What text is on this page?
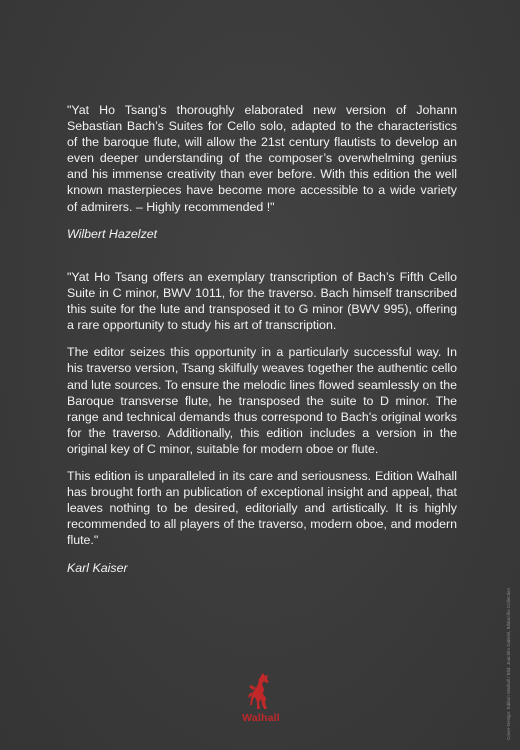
"Yat Ho Tsang’s thoroughly elaborated new version of Johann Sebastian Bach’s Suites for Cello solo, adapted to the characteristics of the baroque flute, will allow the 21st century flautists to develop an even deeper understanding of the composer’s overwhelming genius and his immense creativity than ever before. With this edition the well known masterpieces have become more accessible to a wide variety of admirers. – Highly recommended !"

Wilbert Hazelzet

"Yat Ho Tsang offers an exemplary transcription of Bach’s Fifth Cello Suite in C minor, BWV 1011, for the traverso. Bach himself transcribed this suite for the lute and transposed it to G minor (BWV 995), offering a rare opportunity to study his art of transcription.

The editor seizes this opportunity in a particularly successful way. In his traverso version, Tsang skilfully weaves together the authentic cello and lute sources. To ensure the melodic lines flowed seamlessly on the Baroque transverse flute, he transposed the suite to D minor. The range and technical demands thus correspond to Bach's original works for the traverso. Additionally, this edition includes a version in the original key of C minor, suitable for modern oboe or flute.

This edition is unparalleled in its care and seriousness. Edition Walhall has brought forth an publication of exceptional insight and appeal, that leaves nothing to be desired, editorially and artistically. It is highly recommended to all players of the traverso, modern oboe, and modern flute."

Karl Kaiser

Cover-Design: Edition Walhall / Bild: Joachim Gabriel, Bildarchiv Collection
Walhall
